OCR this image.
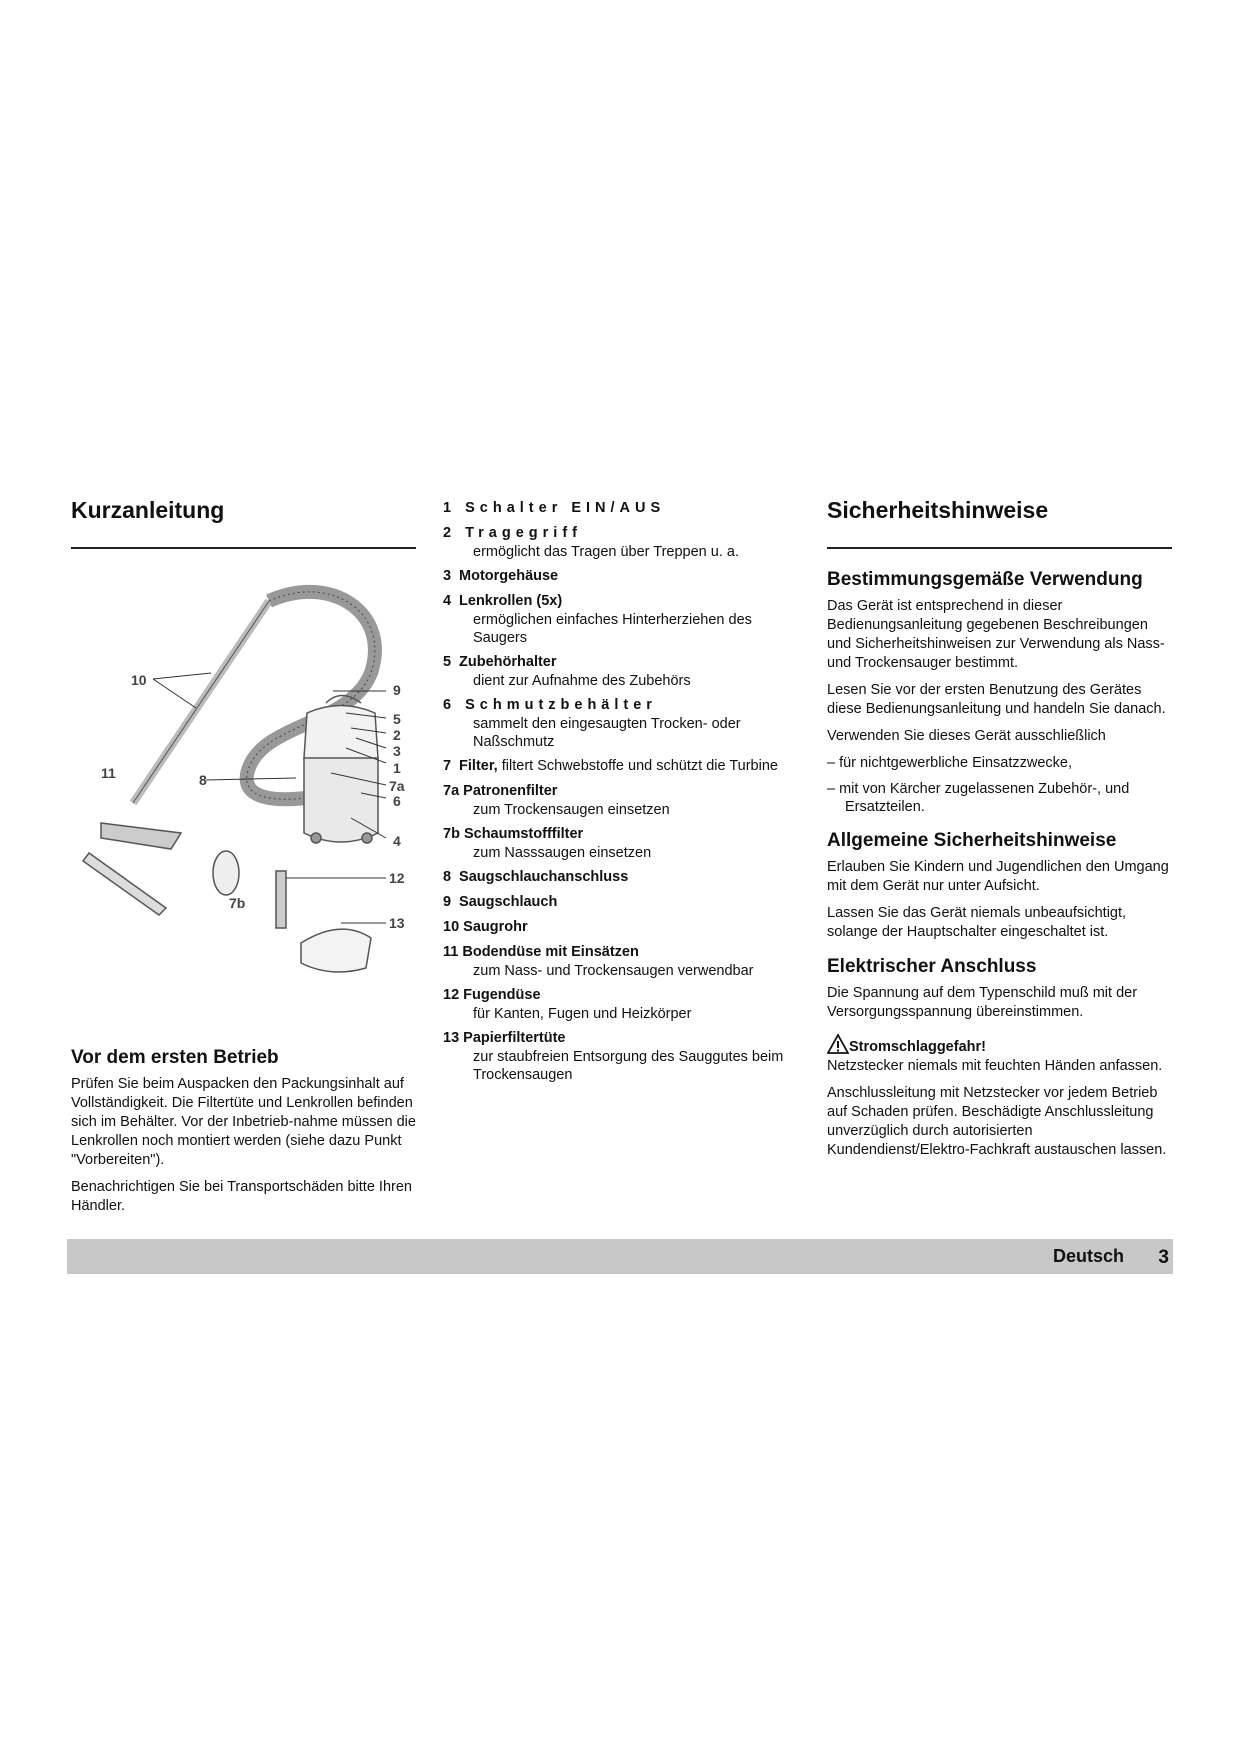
Kurzanleitung
10
9
5
2
3
1
7a
6
4
11	8
12
13
7b
Vor dem ersten Betrieb

Prüfen Sie beim Auspacken den Packungsinhalt auf Vollständigkeit. Die Filtertüte und Lenkrollen befinden sich im Behälter. Vor der Inbetrieb-nahme müssen die Lenkrollen noch montiert werden (siehe dazu Punkt "Vorbereiten").

Benachrichtigen Sie bei Transportschäden bitte Ihren Händler.

1 Schalter EIN/AUS
2 Tragegriff
ermöglicht das Tragen über Treppen u. a.
3 Motorgehäuse
4 Lenkrollen (5x)
ermöglichen einfaches Hinterherziehen des Saugers
5 Zubehörhalter
dient zur Aufnahme des Zubehörs
6 Schmutzbehälter
sammelt den eingesaugten Trocken- oder Naßschmutz
7 Filter, filtert Schwebstoffe und schützt die Turbine
7a Patronenfilter
zum Trockensaugen einsetzen
7b Schaumstofffilter
zum Nasssaugen einsetzen
8 Saugschlauchanschluss
9 Saugschlauch
10 Saugrohr
11 Bodendüse mit Einsätzen
zum Nass- und Trockensaugen verwendbar
12 Fugendüse
für Kanten, Fugen und Heizkörper
13 Papierfiltertüte
zur staubfreien Entsorgung des Sauggutes beim Trockensaugen
Sicherheitshinweise
Bestimmungsgemäße Verwendung

Das Gerät ist entsprechend in dieser Bedienungsanleitung gegebenen Beschreibungen und Sicherheitshinweisen zur Verwendung als Nass- und Trockensauger bestimmt.

Lesen Sie vor der ersten Benutzung des Gerätes diese Bedienungsanleitung und handeln Sie danach.

Verwenden Sie dieses Gerät ausschließlich

– für nichtgewerbliche Einsatzzwecke,

– mit von Kärcher zugelassenen Zubehör-, und Ersatzteilen.

Allgemeine Sicherheitshinweise

Erlauben Sie Kindern und Jugendlichen den Umgang mit dem Gerät nur unter Aufsicht.

Lassen Sie das Gerät niemals unbeaufsichtigt, solange der Hauptschalter eingeschaltet ist.

Elektrischer Anschluss

Die Spannung auf dem Typenschild muß mit der Versorgungsspannung übereinstimmen.

Stromschlaggefahr!

Netzstecker niemals mit feuchten Händen anfassen.

Anschlussleitung mit Netzstecker vor jedem Betrieb auf Schaden prüfen. Beschädigte Anschlussleitung unverzüglich durch autorisierten Kundendienst/Elektro-Fachkraft austauschen lassen.

Deutsch 3
